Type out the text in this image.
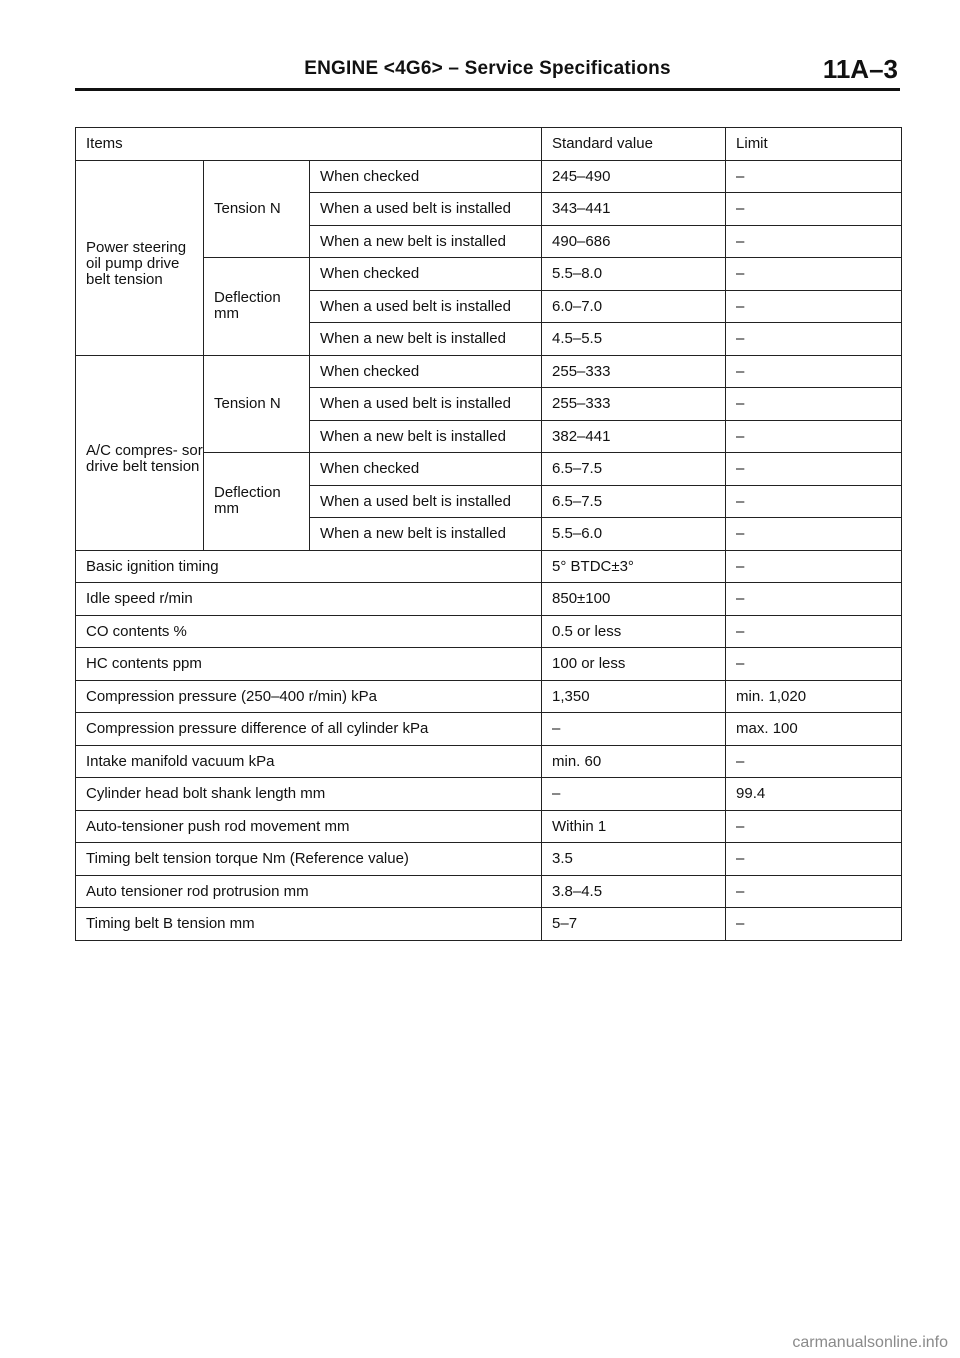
ENGINE <4G6> – Service Specifications	11A–3
Items			Standard value	Limit
Power steering oil pump drive belt tension	Tension N	When checked	245–490	–
		When a used belt is installed	343–441	–
		When a new belt is installed	490–686	–
	Deflection mm	When checked	5.5–8.0	–
		When a used belt is installed	6.0–7.0	–
		When a new belt is installed	4.5–5.5	–
A/C compres- sor drive belt tension	Tension N	When checked	255–333	–
		When a used belt is installed	255–333	–
		When a new belt is installed	382–441	–
	Deflection mm	When checked	6.5–7.5	–
		When a used belt is installed	6.5–7.5	–
		When a new belt is installed	5.5–6.0	–
Basic ignition timing			5° BTDC±3°	–
Idle speed r/min			850±100	–
CO contents %			0.5 or less	–
HC contents ppm			100 or less	–
Compression pressure (250–400 r/min) kPa			1,350	min. 1,020
Compression pressure difference of all cylinder kPa			–	max. 100
Intake manifold vacuum kPa			min. 60	–
Cylinder head bolt shank length mm			–	99.4
Auto-tensioner push rod movement mm			Within 1	–
Timing belt tension torque Nm (Reference value)			3.5	–
Auto tensioner rod protrusion mm			3.8–4.5	–
Timing belt B tension mm			5–7	–
carmanualsonline.info
